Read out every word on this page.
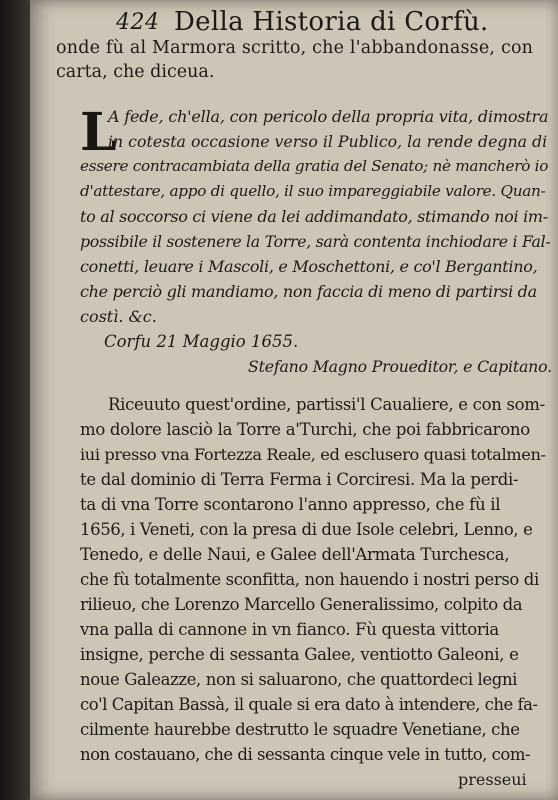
424 Della Historia di Corfù.
onde fù al Marmora scritto, che l'abbandonasse, con
carta, che diceua.
L
A fede, ch'ella, con pericolo della propria vita, dimostra
in cotesta occasione verso il Publico, la rende degna di
essere contracambiata della gratia del Senato; nè mancherò io
d'attestare, appo di quello, il suo impareggiabile valore. Quan-
to al soccorso ci viene da lei addimandato, stimando noi im-
possibile il sostenere la Torre, sarà contenta inchiodare i Fal-
conetti, leuare i Mascoli, e Moschettoni, e co'l Bergantino,
che perciò gli mandiamo, non faccia di meno di partirsi da
costì. &c.
Corfu 21 Maggio 1655.
Stefano Magno Proueditor, e Capitano.
Riceuuto quest'ordine, partissi'l Caualiere, e con som-
mo dolore lasciò la Torre a'Turchi, che poi fabbricarono
iui presso vna Fortezza Reale, ed esclusero quasi totalmen-
te dal dominio di Terra Ferma i Corciresi. Ma la perdi-
ta di vna Torre scontarono l'anno appresso, che fù il
1656, i Veneti, con la presa di due Isole celebri, Lenno, e
Tenedo, e delle Naui, e Galee dell'Armata Turchesca,
che fù totalmente sconfitta, non hauendo i nostri perso di
rilieuo, che Lorenzo Marcello Generalissimo, colpito da
vna palla di cannone in vn fianco. Fù questa vittoria
insigne, perche di sessanta Galee, ventiotto Galeoni, e
noue Galeazze, non si saluarono, che quattordeci legni
co'l Capitan Bassà, il quale si era dato à intendere, che fa-
cilmente haurebbe destrutto le squadre Venetiane, che
non costauano, che di sessanta cinque vele in tutto, com-
presseui
